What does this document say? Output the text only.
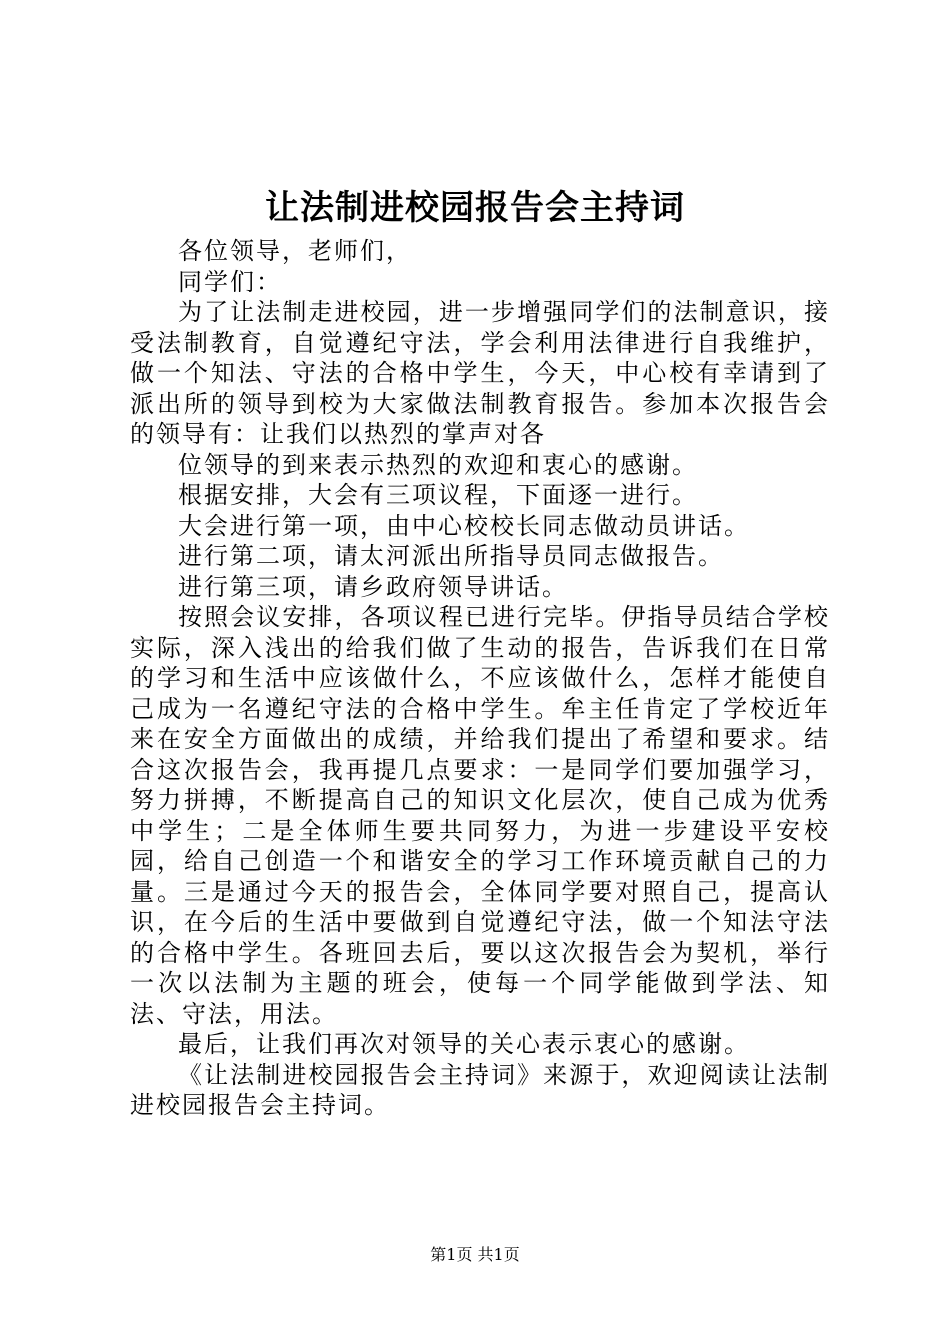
让法制进校园报告会主持词

各位领导，老师们，

同学们：

为了让法制走进校园，进一步增强同学们的法制意识，接受法制教育，自觉遵纪守法，学会利用法律进行自我维护，做一个知法、守法的合格中学生，今天，中心校有幸请到了派出所的领导到校为大家做法制教育报告。参加本次报告会的领导有：让我们以热烈的掌声对各

位领导的到来表示热烈的欢迎和衷心的感谢。

根据安排，大会有三项议程，下面逐一进行。

大会进行第一项，由中心校校长同志做动员讲话。

进行第二项，请太河派出所指导员同志做报告。

进行第三项，请乡政府领导讲话。

按照会议安排，各项议程已进行完毕。伊指导员结合学校实际，深入浅出的给我们做了生动的报告，告诉我们在日常的学习和生活中应该做什么，不应该做什么，怎样才能使自己成为一名遵纪守法的合格中学生。牟主任肯定了学校近年来在安全方面做出的成绩，并给我们提出了希望和要求。结合这次报告会，我再提几点要求：一是同学们要加强学习，努力拼搏，不断提高自己的知识文化层次，使自己成为优秀中学生；二是全体师生要共同努力，为进一步建设平安校园，给自己创造一个和谐安全的学习工作环境贡献自己的力量。三是通过今天的报告会，全体同学要对照自己，提高认识，在今后的生活中要做到自觉遵纪守法，做一个知法守法的合格中学生。各班回去后，要以这次报告会为契机，举行一次以法制为主题的班会，使每一个同学能做到学法、知法、守法，用法。

最后，让我们再次对领导的关心表示衷心的感谢。

《让法制进校园报告会主持词》来源于，欢迎阅读让法制进校园报告会主持词。

第1页 共1页
